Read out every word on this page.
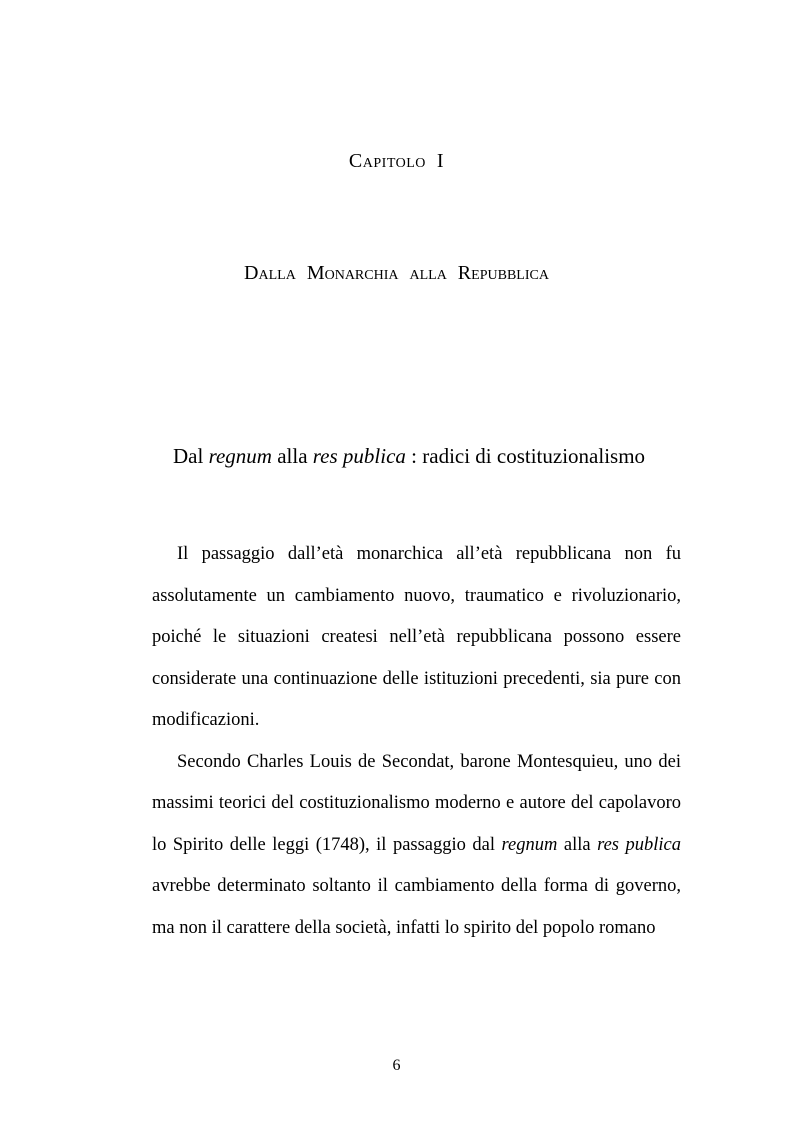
Capitolo I
Dalla Monarchia alla Repubblica
Dal regnum alla res publica : radici di costituzionalismo

Il passaggio dall’età monarchica all’età repubblicana non fu assolutamente un cambiamento nuovo, traumatico e rivoluzionario, poiché le situazioni createsi nell’età repubblicana possono essere considerate una continuazione delle istituzioni precedenti, sia pure con modificazioni.

Secondo Charles Louis de Secondat, barone Montesquieu, uno dei massimi teorici del costituzionalismo moderno e autore del capolavoro lo Spirito delle leggi (1748), il passaggio dal regnum alla res publica avrebbe determinato soltanto il cambiamento della forma di governo, ma non il carattere della società, infatti lo spirito del popolo romano

6
